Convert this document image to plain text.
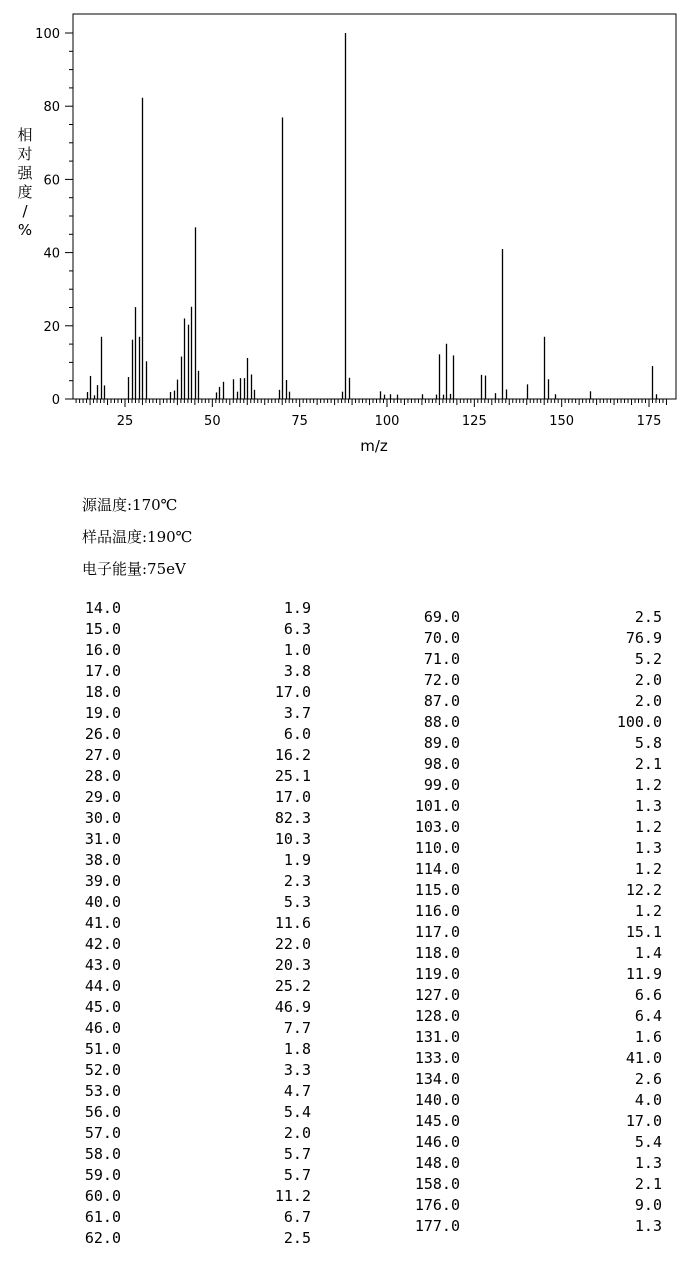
25	50	75	100	125	150	175
0
20
40
60
80
100
m/z
相对强度/ %
源温度:170℃
样品温度:190℃
电子能量:75eV
14.0	1.9
15.0	6.3
16.0	1.0
17.0	3.8
18.0	17.0
19.0	3.7
26.0	6.0
27.0	16.2
28.0	25.1
29.0	17.0
30.0	82.3
31.0	10.3
38.0	1.9
39.0	2.3
40.0	5.3
41.0	11.6
42.0	22.0
43.0	20.3
44.0	25.2
45.0	46.9
46.0	7.7
51.0	1.8
52.0	3.3
53.0	4.7
56.0	5.4
57.0	2.0
58.0	5.7
59.0	5.7
60.0	11.2
61.0	6.7
62.0	2.5
69.0	2.5
70.0	76.9
71.0	5.2
72.0	2.0
87.0	2.0
88.0	100.0
89.0	5.8
98.0	2.1
99.0	1.2
101.0	1.3
103.0	1.2
110.0	1.3
114.0	1.2
115.0	12.2
116.0	1.2
117.0	15.1
118.0	1.4
119.0	11.9
127.0	6.6
128.0	6.4
131.0	1.6
133.0	41.0
134.0	2.6
140.0	4.0
145.0	17.0
146.0	5.4
148.0	1.3
158.0	2.1
176.0	9.0
177.0	1.3
